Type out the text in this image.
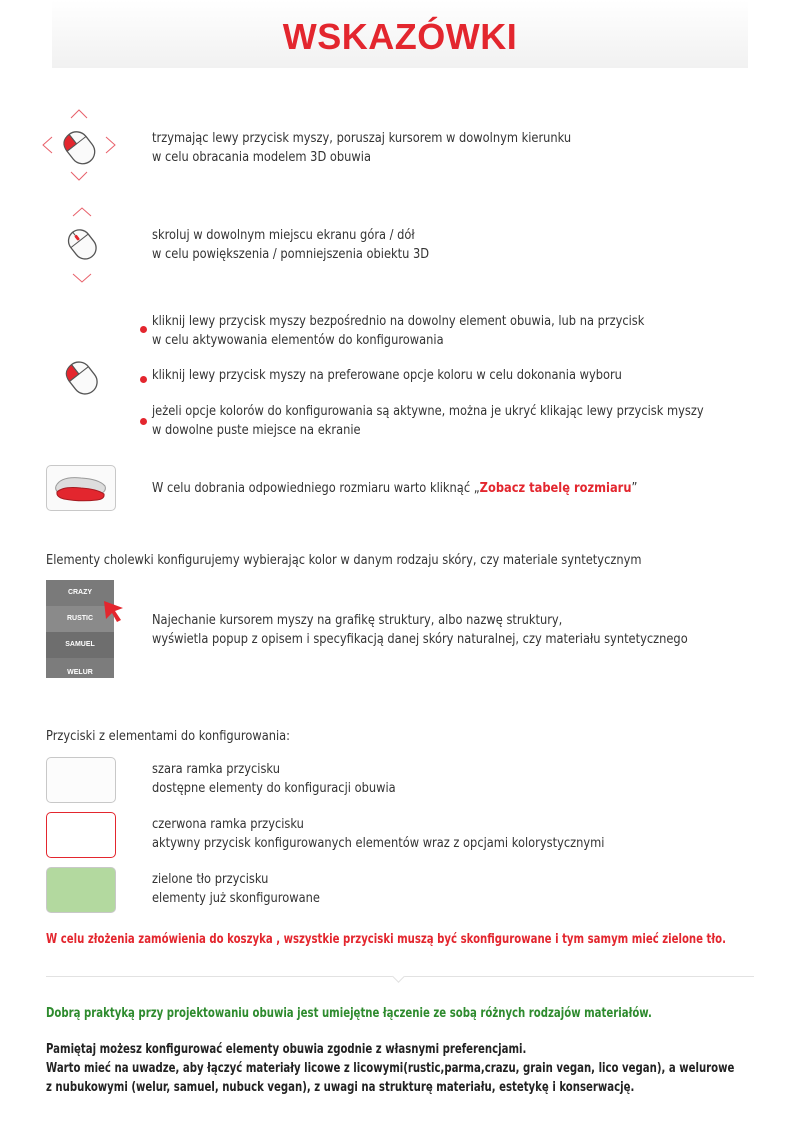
WSKAZÓWKI
trzymając lewy przycisk myszy, poruszaj kursorem w dowolnym kierunku
w celu obracania modelem 3D obuwia
skroluj w dowolnym miejscu ekranu góra / dół
w celu powiększenia / pomniejszenia obiektu 3D
kliknij lewy przycisk myszy bezpośrednio na dowolny element obuwia, lub na przycisk
w celu aktywowania elementów do konfigurowania
kliknij lewy przycisk myszy na preferowane opcje koloru w celu dokonania wyboru
jeżeli opcje kolorów do konfigurowania są aktywne, można je ukryć klikając lewy przycisk myszy
w dowolne puste miejsce na ekranie
W celu dobrania odpowiedniego rozmiaru warto kliknąć „Zobacz tabelę rozmiaru”
Elementy cholewki konfigurujemy wybierając kolor w danym rodzaju skóry, czy materiale syntetycznym
CRAZY
RUSTIC
SAMUEL
WELUR
Najechanie kursorem myszy na grafikę struktury, albo nazwę struktury,
wyświetla popup z opisem i specyfikacją danej skóry naturalnej, czy materiału syntetycznego
Przyciski z elementami do konfigurowania:
szara ramka przycisku
dostępne elementy do konfiguracji obuwia
czerwona ramka przycisku
aktywny przycisk konfigurowanych elementów wraz z opcjami kolorystycznymi
zielone tło przycisku
elementy już skonfigurowane
W celu złożenia zamówienia do koszyka , wszystkie przyciski muszą być skonfigurowane i tym samym mieć zielone tło.
Dobrą praktyką przy projektowaniu obuwia jest umiejętne łączenie ze sobą różnych rodzajów materiałów.
Pamiętaj możesz konfigurować elementy obuwia zgodnie z własnymi preferencjami.
Warto mieć na uwadze, aby łączyć materiały licowe z licowymi(rustic,parma,crazu, grain vegan, lico vegan), a welurowe
z nubukowymi (welur, samuel, nubuck vegan), z uwagi na strukturę materiału, estetykę i konserwację.
